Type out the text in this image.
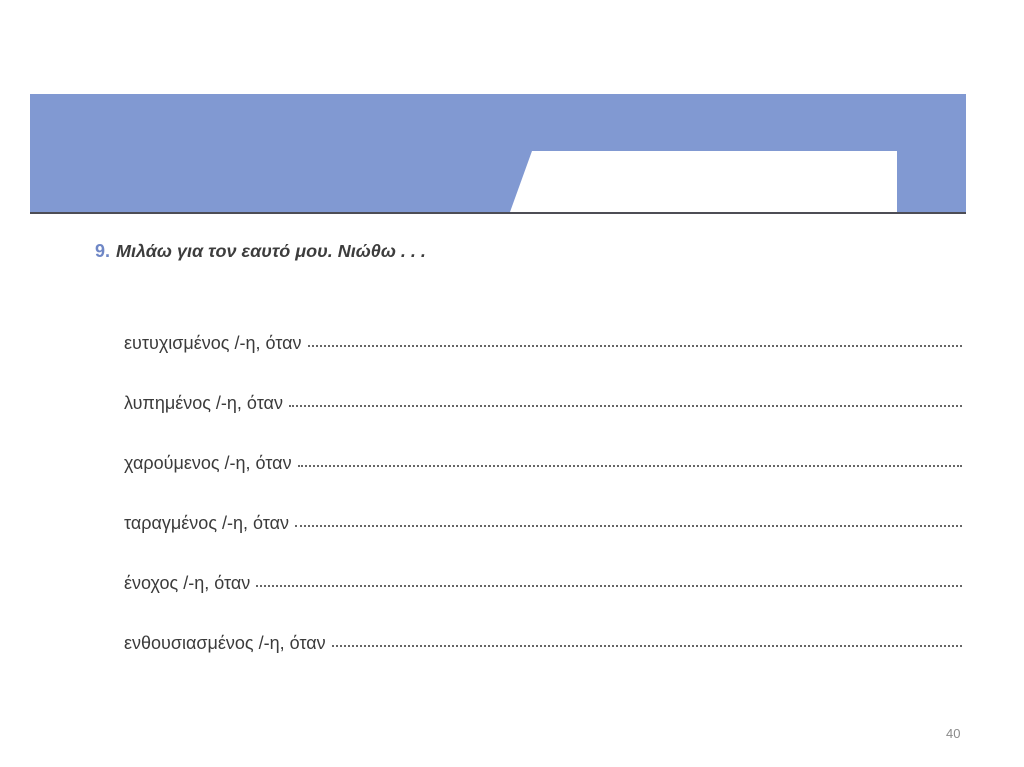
9. Μιλάω για τον εαυτό μου. Νιώθω . . .
ευτυχισμένος /-η, όταν
λυπημένος /-η, όταν
χαρούμενος /-η, όταν
ταραγμένος /-η, όταν
ένοχος /-η, όταν
ενθουσιασμένος /-η, όταν
40
